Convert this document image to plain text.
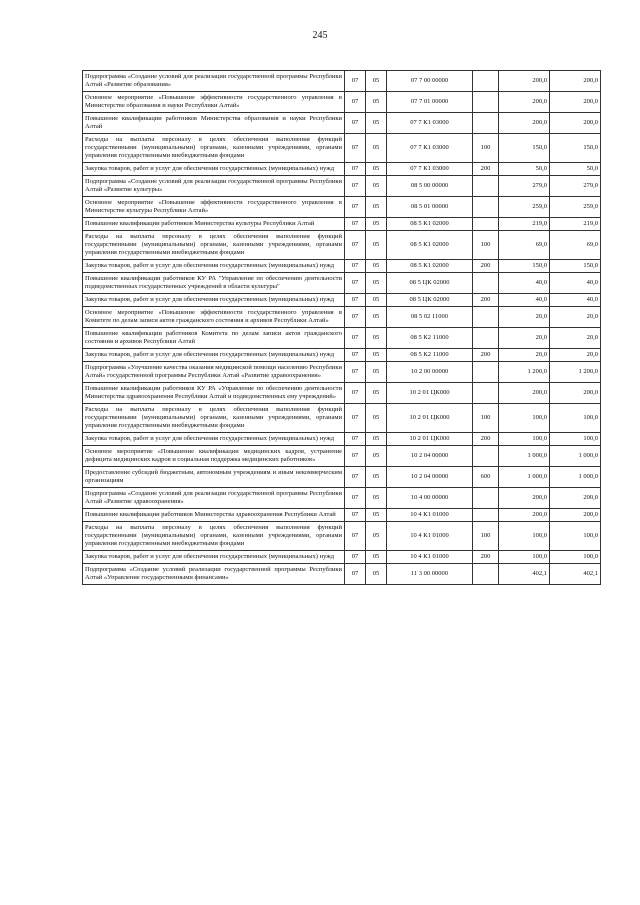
245
Подпрограмма «Создание условий для реализации государственной программы Республики Алтай «Развитие образования»	07	05	07 7 00 00000		200,0	200,0
Основное мероприятие «Повышение эффективности государственного управления в Министерстве образования и науки Республики Алтай»	07	05	07 7 01 00000		200,0	200,0
Повышение квалификации работников Министерства образования и науки Республики Алтай	07	05	07 7 К1 03000		200,0	200,0
Расходы на выплаты персоналу в целях обеспечения выполнения функций государственными (муниципальными) органами, казенными учреждениями, органами управления государственными внебюджетными фондами	07	05	07 7 К1 03000	100	150,0	150,0
Закупка товаров, работ и услуг для обеспечения государственных (муниципальных) нужд	07	05	07 7 К1 03000	200	50,0	50,0
Подпрограмма «Создание условий для реализации государственной программы Республики Алтай «Развитие культуры»	07	05	08 5 00 00000		279,0	279,0
Основное мероприятие «Повышение эффективности государственного управления в Министерстве культуры Республики Алтай»	07	05	08 5 01 00000		259,0	259,0
Повышение квалификации работников Министерства культуры Республики Алтай	07	05	08 5 К1 02000		219,0	219,0
Расходы на выплаты персоналу в целях обеспечения выполнения функций государственными (муниципальными) органами, казенными учреждениями, органами управления государственными внебюджетными фондами	07	05	08 5 К1 02000	100	69,0	69,0
Закупка товаров, работ и услуг для обеспечения государственных (муниципальных) нужд	07	05	08 5 К1 02000	200	150,0	150,0
Повышение квалификации работников КУ РА "Управление по обеспечению деятельности подведомственных государственных учреждений в области культуры"	07	05	08 5 ЦК 02000		40,0	40,0
Закупка товаров, работ и услуг для обеспечения государственных (муниципальных) нужд	07	05	08 5 ЦК 02000	200	40,0	40,0
Основное мероприятие «Повышение эффективности государственного управления в Комитете по делам записи актов гражданского состояния и архивов Республики Алтай»	07	05	08 5 02 11000		20,0	20,0
Повышение квалификации работников Комитета по делам записи актов гражданского состояния и архивов Республики Алтай	07	05	08 5 К2 11000		20,0	20,0
Закупка товаров, работ и услуг для обеспечения государственных (муниципальных) нужд	07	05	08 5 К2 11000	200	20,0	20,0
Подпрограмма «Улучшение качества оказания медицинской помощи населению Республики Алтай» государственной программы Республики Алтай «Развитие здравоохранения»	07	05	10 2 00 00000		1 200,0	1 200,0
Повышение квалификации работников КУ РА «Управление по обеспечению деятельности Министерства здравоохранения Республики Алтай и подведомственных ему учреждений»	07	05	10 2 01 ЦК000		200,0	200,0
Расходы на выплаты персоналу в целях обеспечения выполнения функций государственными (муниципальными) органами, казенными учреждениями, органами управления государственными внебюджетными фондами	07	05	10 2 01 ЦК000	100	100,0	100,0
Закупка товаров, работ и услуг для обеспечения государственных (муниципальных) нужд	07	05	10 2 01 ЦК000	200	100,0	100,0
Основное мероприятие «Повышение квалификации медицинских кадров, устранение дефицита медицинских кадров и социальная поддержка медицинских работников»	07	05	10 2 04 00000		1 000,0	1 000,0
Предоставление субсидий бюджетным, автономным учреждениям и иным некоммерческим организациям	07	05	10 2 04 00000	600	1 000,0	1 000,0
Подпрограмма «Создание условий для реализации государственной программы Республики Алтай «Развитие здравоохранения»	07	05	10 4 00 00000		200,0	200,0
Повышение квалификации работников Министерства здравоохранения Республики Алтай	07	05	10 4 К1 01000		200,0	200,0
Расходы на выплаты персоналу в целях обеспечения выполнения функций государственными (муниципальными) органами, казенными учреждениями, органами управления государственными внебюджетными фондами	07	05	10 4 К1 01000	100	100,0	100,0
Закупка товаров, работ и услуг для обеспечения государственных (муниципальных) нужд	07	05	10 4 К1 01000	200	100,0	100,0
Подпрограмма «Создание условий реализации государственной программы Республики Алтай «Управление государственными финансами»	07	05	11 3 00 00000		402,1	402,1
